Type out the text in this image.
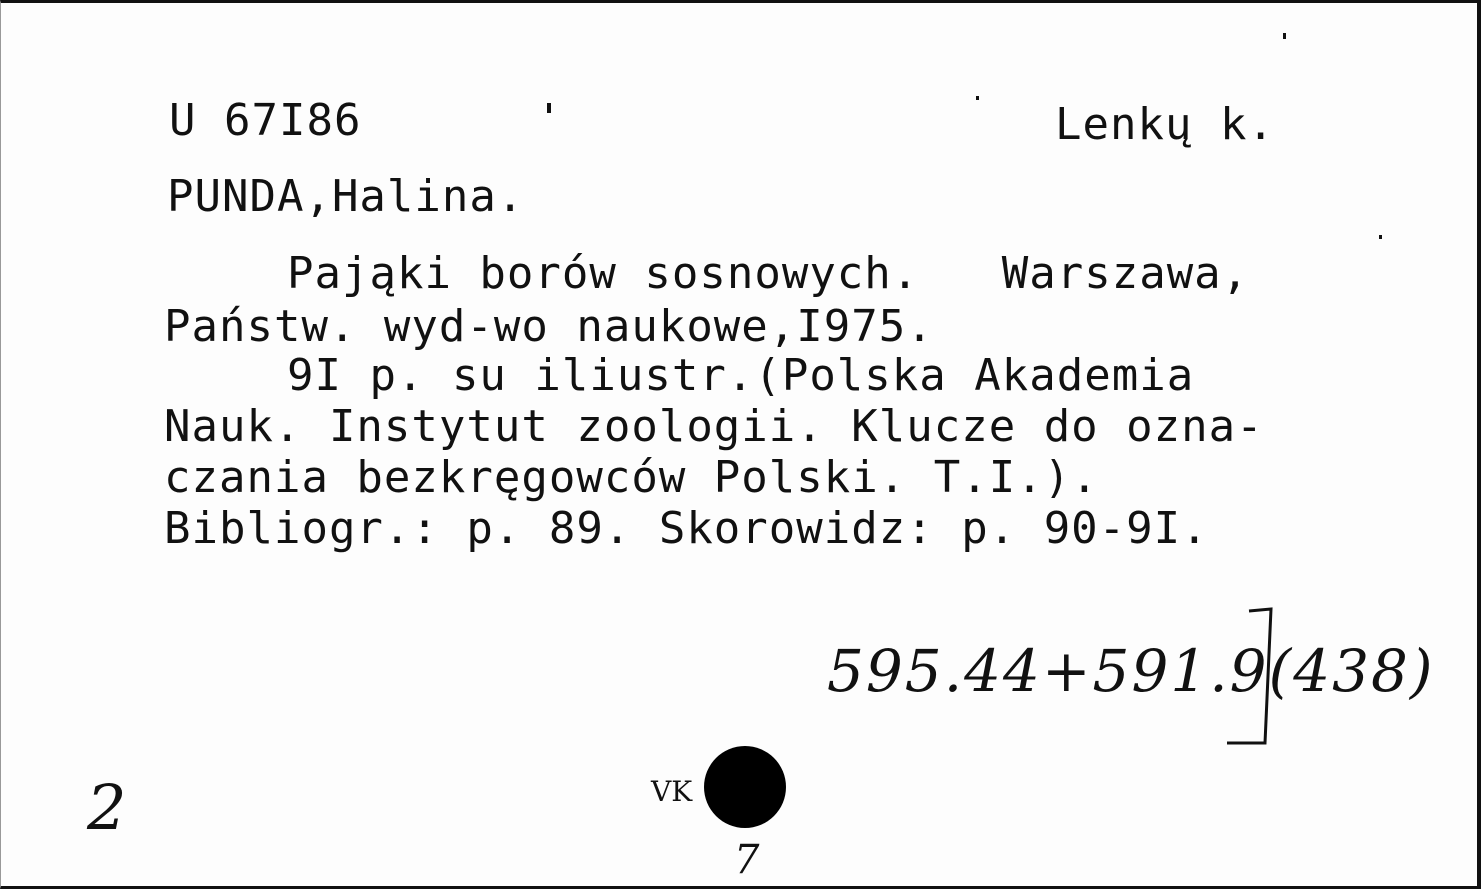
U 67I86	Lenkų k.
PUNDA,Halina.
Pająki borów sosnowych.   Warszawa,
Państw. wyd-wo naukowe,I975.
9I p. su iliustr.(Polska Akademia
Nauk. Instytut zoologii. Klucze do ozna-
czania bezkręgowców Polski. T.I.).
Bibliogr.: p. 89. Skorowidz: p. 90-9I.
595.44+591.9(438)
2	VK
7
